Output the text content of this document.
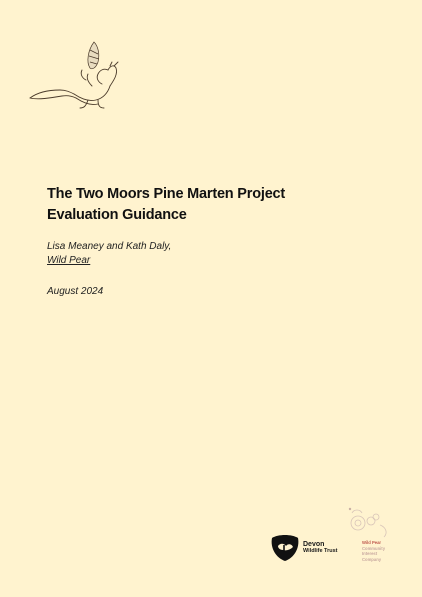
The Two Moors Pine Marten Project
Evaluation Guidance
Lisa Meaney and Kath Daly,
Wild Pear
August 2024
Devon
Wildlife Trust
Wild Pear
Community
Interest
Company
